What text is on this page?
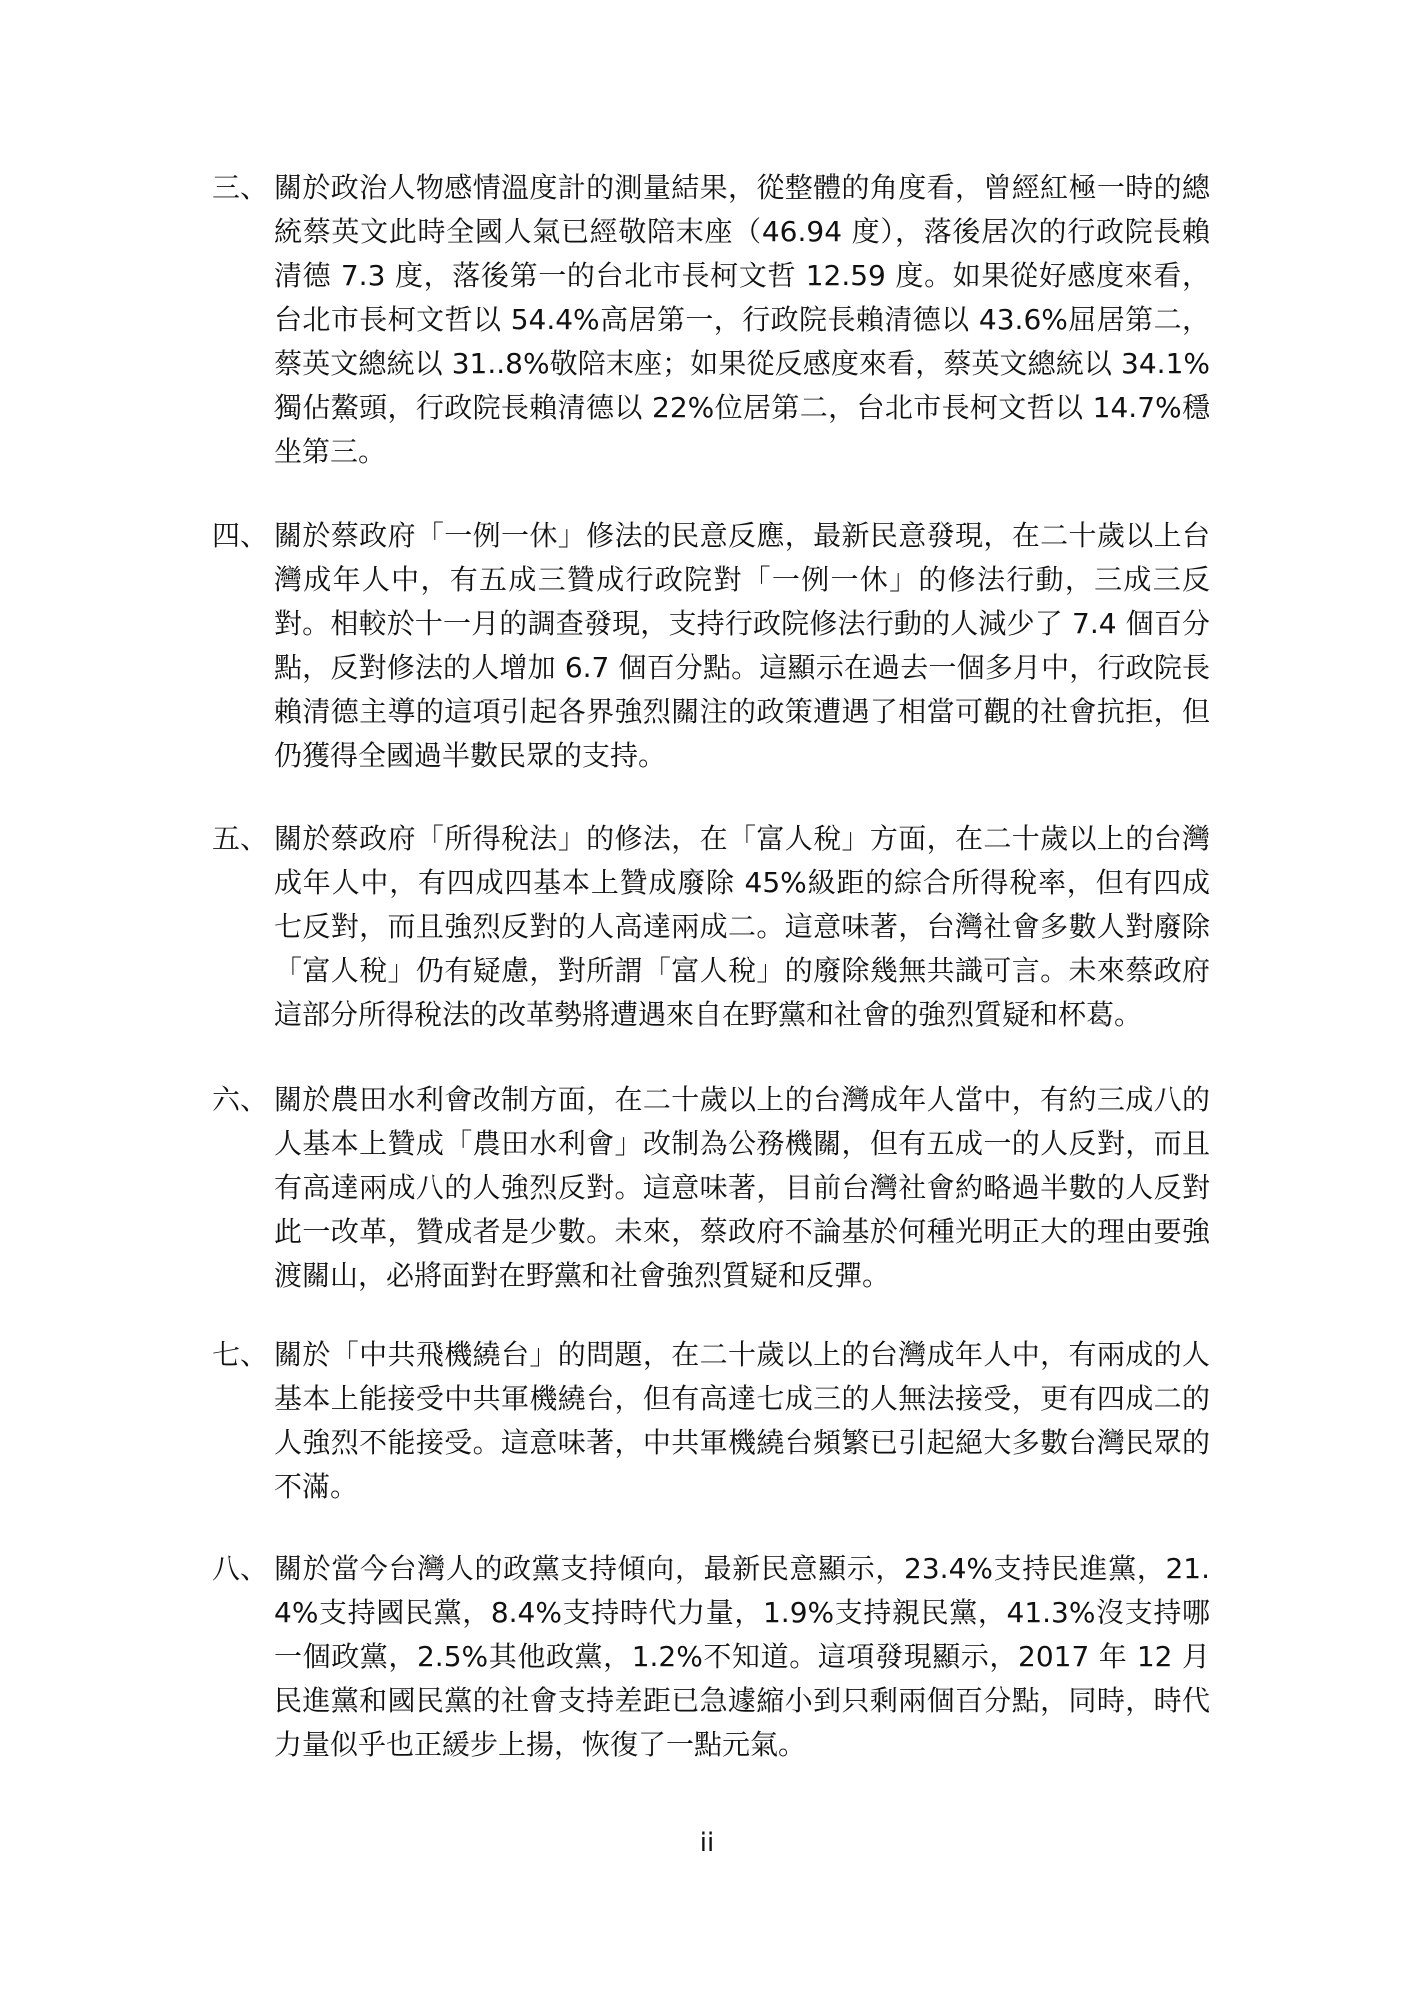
三、 關於政治人物感情溫度計的測量結果，從整體的角度看，曾經紅極一時的總統蔡英文此時全國人氣已經敬陪末座（46.94 度），落後居次的行政院長賴清德 7.3 度，落後第一的台北市長柯文哲 12.59 度。如果從好感度來看，台北市長柯文哲以 54.4%高居第一，行政院長賴清德以 43.6%屈居第二，蔡英文總統以 31..8%敬陪末座；如果從反感度來看，蔡英文總統以 34.1%獨佔鰲頭，行政院長賴清德以 22%位居第二，台北市長柯文哲以 14.7%穩坐第三。
四、 關於蔡政府「一例一休」修法的民意反應，最新民意發現，在二十歲以上台灣成年人中，有五成三贊成行政院對「一例一休」的修法行動，三成三反對。相較於十一月的調查發現，支持行政院修法行動的人減少了 7.4 個百分點，反對修法的人增加 6.7 個百分點。這顯示在過去一個多月中，行政院長賴清德主導的這項引起各界強烈關注的政策遭遇了相當可觀的社會抗拒，但仍獲得全國過半數民眾的支持。
五、 關於蔡政府「所得稅法」的修法，在「富人稅」方面，在二十歲以上的台灣成年人中，有四成四基本上贊成廢除 45%級距的綜合所得稅率，但有四成七反對，而且強烈反對的人高達兩成二。這意味著，台灣社會多數人對廢除「富人稅」仍有疑慮，對所謂「富人稅」的廢除幾無共識可言。未來蔡政府這部分所得稅法的改革勢將遭遇來自在野黨和社會的強烈質疑和杯葛。
六、 關於農田水利會改制方面，在二十歲以上的台灣成年人當中，有約三成八的人基本上贊成「農田水利會」改制為公務機關，但有五成一的人反對，而且有高達兩成八的人強烈反對。這意味著，目前台灣社會約略過半數的人反對此一改革，贊成者是少數。未來，蔡政府不論基於何種光明正大的理由要強渡關山，必將面對在野黨和社會強烈質疑和反彈。
七、 關於「中共飛機繞台」的問題，在二十歲以上的台灣成年人中，有兩成的人基本上能接受中共軍機繞台，但有高達七成三的人無法接受，更有四成二的人強烈不能接受。這意味著，中共軍機繞台頻繁已引起絕大多數台灣民眾的不滿。
八、 關於當今台灣人的政黨支持傾向，最新民意顯示，23.4%支持民進黨，21.4%支持國民黨，8.4%支持時代力量，1.9%支持親民黨，41.3%沒支持哪一個政黨，2.5%其他政黨，1.2%不知道。這項發現顯示，2017 年 12 月民進黨和國民黨的社會支持差距已急遽縮小到只剩兩個百分點，同時，時代力量似乎也正緩步上揚，恢復了一點元氣。
ii
